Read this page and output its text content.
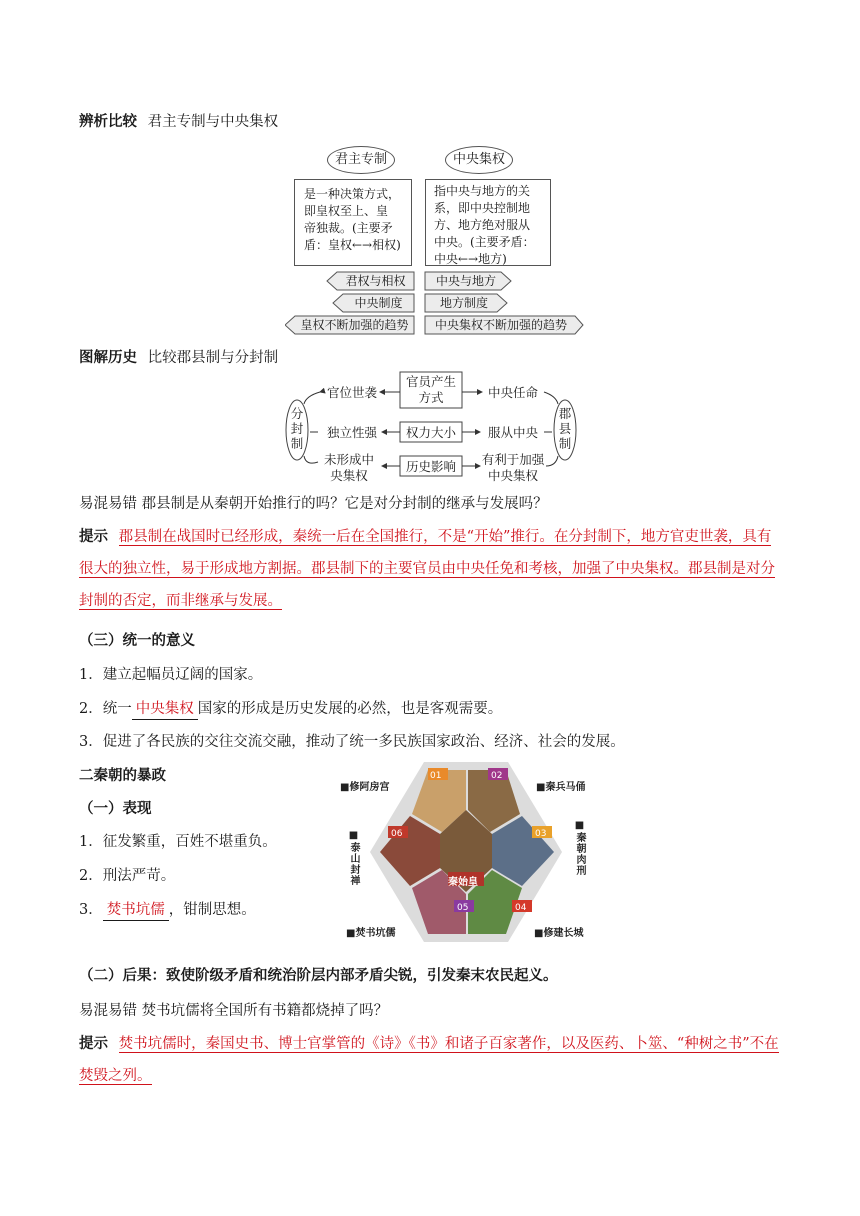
辨析比较 君主专制与中央集权
君主专制	中央集权
是一种决策方式，
即皇权至上、皇
帝独裁。(主要矛
盾：皇权←→相权)
指中央与地方的关
系，即中央控制地
方、地方绝对服从
中央。(主要矛盾：
中央←→地方)
君权与相权	中央与地方
中央制度	地方制度
皇权不断加强的趋势	中央集权不断加强的趋势
图解历史 比较郡县制与分封制
分封制
郡县制
官员产生方式
权力大小
历史影响
官位世袭
独立性强
未形成中央集权
中央任命
服从中央
有利于加强中央集权
易混易错 郡县制是从秦朝开始推行的吗？它是对分封制的继承与发展吗？
提示 郡县制在战国时已经形成，秦统一后在全国推行，不是“开始”推行。在分封制下，地方官吏世袭，具有很大的独立性，易于形成地方割据。郡县制下的主要官员由中央任免和考核，加强了中央集权。郡县制是对分封制的否定，而非继承与发展。
（三）统一的意义
1．建立起幅员辽阔的国家。
2．统一 中央集权 国家的形成是历史发展的必然，也是客观需要。
3．促进了各民族的交往交流交融，推动了统一多民族国家政治、经济、社会的发展。
二秦朝的暴政
（一）表现
1．征发繁重，百姓不堪重负。
2．刑法严苛。
3． 焚书坑儒 ，钳制思想。
01	02
03
04
05
06
秦始皇
■修阿房宫	■秦兵马俑
■秦朝肉刑
■修建长城
■焚书坑儒
■泰山封禅
（二）后果：致使阶级矛盾和统治阶层内部矛盾尖锐，引发秦末农民起义。
易混易错 焚书坑儒将全国所有书籍都烧掉了吗？
提示 焚书坑儒时，秦国史书、博士官掌管的《诗》《书》和诸子百家著作，以及医药、卜筮、“种树之书”不在焚毁之列。
